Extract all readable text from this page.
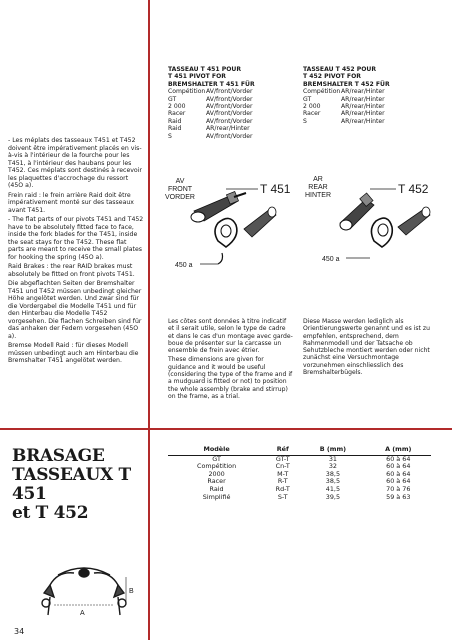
TASSEAU T 451 POUR
T 451 PIVOT FOR
BREMSHALTER T 451 FÜR
Compétition	AV/front/Vorder
GT	AV/front/Vorder
2 000	AV/front/Vorder
Racer	AV/front/Vorder
Raid	AV/front/Vorder
Raid	AR/rear/Hinter
S	AV/front/Vorder
TASSEAU T 452 POUR
T 452 PIVOT FOR
BREMSHALTER T 452 FÜR
Compétition	AR/rear/Hinter
GT	AR/rear/Hinter
2 000	AR/rear/Hinter
Racer	AR/rear/Hinter
S	AR/rear/Hinter
AV
FRONT
VORDER
T 451
450 a
AR
REAR
HINTER	T 452
450 a

- Les méplats des tasseaux T451 et T452 doivent être impérativement placés en vis-à-vis à l'intérieur de la fourche pour les T451, à l'intérieur des haubans pour les T452. Ces méplats sont destinés à recevoir les plaquettes d'accrochage du ressort (45O a).

Frein raid : le frein arrière Raid doit être impérativement monté sur des tasseaux avant T451.

- The flat parts of our pivots T451 and T452 have to be absolutely fitted face to face, inside the fork blades for the T451, inside the seat stays for the T452. These flat parts are meant to receive the small plates for hooking the spring (45O a).

Raid Brakes : the rear RAID brakes must absolutely be fitted on front pivots T451.

Die abgeflachten Seiten der Bremshalter T451 und T452 müssen unbedingt gleicher Höhe angelötet werden. Und zwar sind für die Vordergabel die Modelle T451 und für den Hinterbau die Modelle T452 vorgesehen. Die flachen Schreiben sind für das anhaken der Federn vorgesehen (45O a).

Bremse Modell Raid : für dieses Modell müssen unbedingt auch am Hinterbau die Bremshalter T451 angelötet werden.

Les côtes sont données à titre indicatif et il serait utile, selon le type de cadre et dans le cas d'un montage avec garde-boue de présenter sur la carcasse un ensemble de frein avec étrier.

These dimensions are given for guidance and it would be useful (considering the type of the frame and if a mudguard is fitted or not) to position the whole assembly (brake and stirrup) on the frame, as a trial.

Diese Masse werden lediglich als Orientierungswerte genannt und es ist zu empfehlen, entsprechend, dem Rahmenmodell und der Tatsache ob Sehutzbleche montiert werden oder nicht zunächst eine Versuchmontage vorzunehmen einschliesslich des Bremshalterbügels.

BRASAGE
TASSEAUX T 451
et T 452
Modèle	Réf	B (mm)	A (mm)
GT	GT-T	31	60 à 64
Compétition	Cn-T	32	60 à 64
2000	M-T	38,5	60 à 64
Racer	R-T	38,5	60 à 64
Raid	Rd-T	41,5	70 à 76
Simplifié	S-T	39,5	59 à 63
A
B
34
